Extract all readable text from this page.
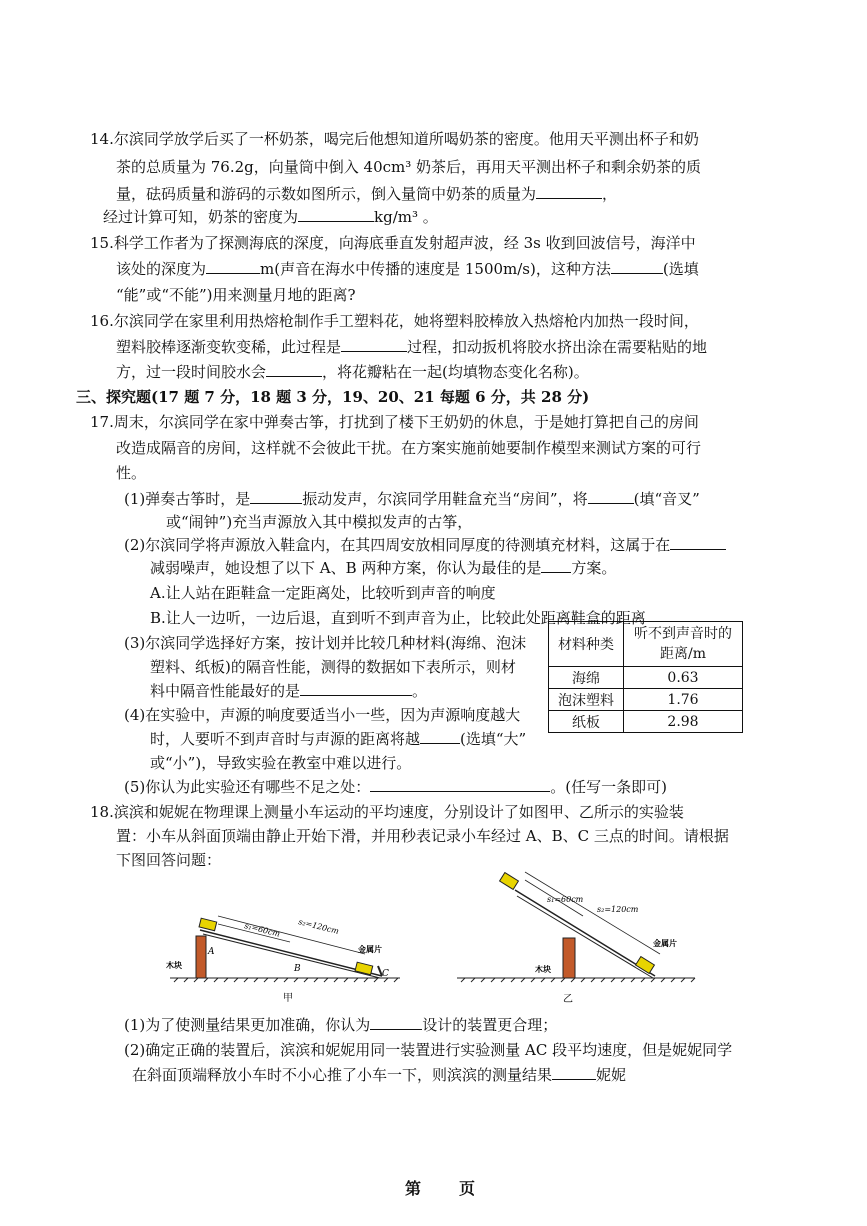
14.尔滨同学放学后买了一杯奶茶，喝完后他想知道所喝奶茶的密度。他用天平测出杯子和奶
茶的总质量为 76.2g，向量筒中倒入 40cm³ 奶茶后，再用天平测出杯子和剩余奶茶的质
量，砝码质量和游码的示数如图所示，倒入量筒中奶茶的质量为	，
经过计算可知，奶茶的密度为	kg/m³ 。
15.科学工作者为了探测海底的深度，向海底垂直发射超声波，经 3s 收到回波信号，海洋中
该处的深度为	m(声音在海水中传播的速度是 1500m/s)，这种方法	(选填
“能”或“不能”)用来测量月地的距离?
16.尔滨同学在家里利用热熔枪制作手工塑料花，她将塑料胶棒放入热熔枪内加热一段时间，
塑料胶棒逐渐变软变稀，此过程是	过程，扣动扳机将胶水挤出涂在需要粘贴的地
方，过一段时间胶水会	，将花瓣粘在一起(均填物态变化名称)。
三、探究题(17 题 7 分，18 题 3 分，19、20、21 每题 6 分，共 28 分)
17.周末，尔滨同学在家中弹奏古筝，打扰到了楼下王奶奶的休息，于是她打算把自己的房间
改造成隔音的房间，这样就不会彼此干扰。在方案实施前她要制作模型来测试方案的可行
性。
(1)弹奏古筝时，是	振动发声，尔滨同学用鞋盒充当“房间”，将	(填“音叉”
或“闹钟”)充当声源放入其中模拟发声的古筝，
(2)尔滨同学将声源放入鞋盒内，在其四周安放相同厚度的待测填充材料，这属于在
减弱噪声，她设想了以下 A、B 两种方案，你认为最佳的是 方案。
A.让人站在距鞋盒一定距离处，比较听到声音的响度
B.让人一边听，一边后退，直到听不到声音为止，比较此处距离鞋盒的距离
(3)尔滨同学选择好方案，按计划并比较几种材料(海绵、泡沫
塑料、纸板)的隔音性能，测得的数据如下表所示，则材
料中隔音性能最好的是	。
(4)在实验中，声源的响度要适当小一些，因为声源响度越大
时，人要听不到声音时与声源的距离将越	(选填“大”
或“小”)，导致实验在教室中难以进行。
(5)你认为此实验还有哪些不足之处：	。(任写一条即可)
材料种类	听不到声音时的
距离/m
海绵	0.63
泡沫塑料	1.76
纸板	2.98
18.滨滨和妮妮在物理课上测量小车运动的平均速度，分别设计了如图甲、乙所示的实验装
置：小车从斜面顶端由静止开始下滑，并用秒表记录小车经过 A、B、C 三点的时间。请根据
下图回答问题：
s₁=60cm s₂=120cm
金属片
木块
A
B	C
甲
s₁=60cm
s₂=120cm
金属片
木块
乙
(1)为了使测量结果更加准确，你认为	设计的装置更合理；
(2)确定正确的装置后，滨滨和妮妮用同一装置进行实验测量 AC 段平均速度，但是妮妮同学
在斜面顶端释放小车时不小心推了小车一下，则滨滨的测量结果	妮妮
第　　页
